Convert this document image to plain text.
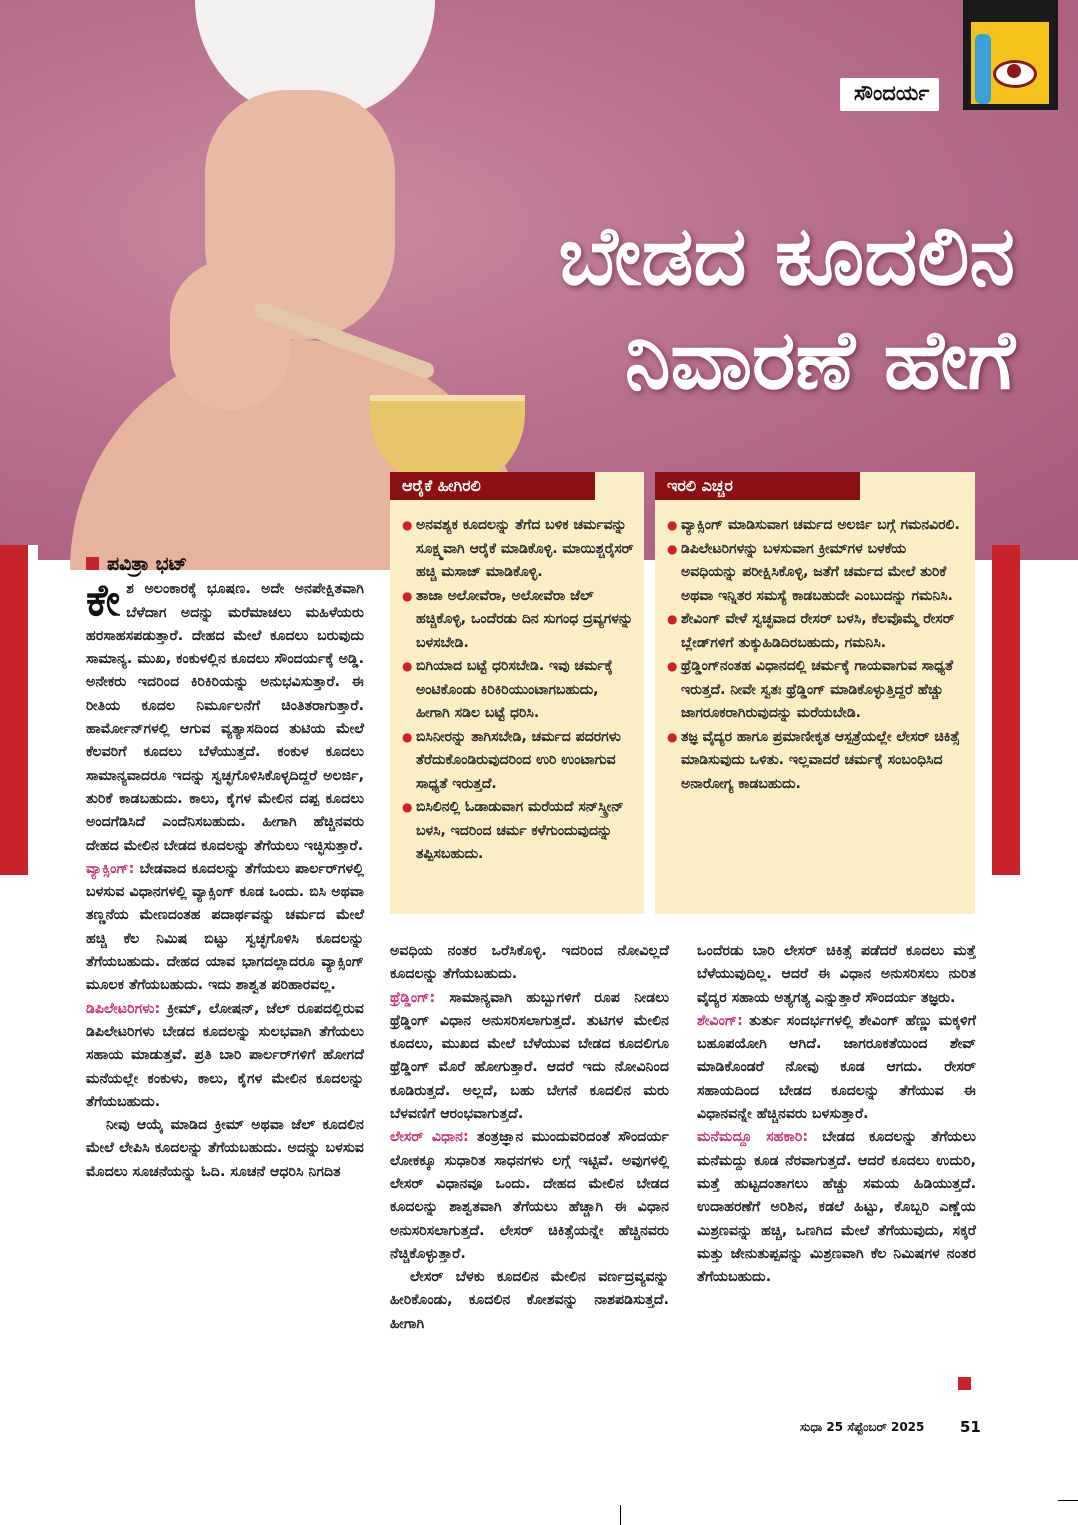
ಸೌಂದರ್ಯ
ಬೇಡದ ಕೂದಲಿನ
ನಿವಾರಣೆ ಹೇಗೆ
● ಅನವಶ್ಯಕ ಕೂದಲನ್ನು ತೆಗೆದ ಬಳಿಕ ಚರ್ಮವನ್ನು ಸೂಕ್ಷ್ಮವಾಗಿ ಆರೈಕೆ ಮಾಡಿಕೊಳ್ಳಿ. ಮಾಯಿಶ್ಚರೈಸರ್ ಹಚ್ಚಿ ಮಸಾಜ್ ಮಾಡಿಕೊಳ್ಳಿ.
● ತಾಜಾ ಅಲೋವೆರಾ, ಅಲೋವೆರಾ ಜೆಲ್ ಹಚ್ಚಿಕೊಳ್ಳಿ, ಒಂದೆರಡು ದಿನ ಸುಗಂಧ ದ್ರವ್ಯಗಳನ್ನು ಬಳಸಬೇಡಿ.
● ಬಿಗಿಯಾದ ಬಟ್ಟೆ ಧರಿಸಬೇಡಿ. ಇವು ಚರ್ಮಕ್ಕೆ ಅಂಟಿಕೊಂಡು ಕಿರಿಕಿರಿಯುಂಟಾಗಬಹುದು, ಹೀಗಾಗಿ ಸಡಿಲ ಬಟ್ಟೆ ಧರಿಸಿ.
● ಬಿಸಿನೀರನ್ನು ತಾಗಿಸಬೇಡಿ, ಚರ್ಮದ ಪದರಗಳು ತೆರೆದುಕೊಂಡಿರುವುದರಿಂದ ಉರಿ ಉಂಟಾಗುವ ಸಾಧ್ಯತೆ ಇರುತ್ತದೆ.
● ಬಿಸಿಲಿನಲ್ಲಿ ಓಡಾಡುವಾಗ ಮರೆಯದೆ ಸನ್‌ಸ್ಕ್ರೀನ್ ಬಳಸಿ, ಇದರಿಂದ ಚರ್ಮ ಕಳೆಗುಂದುವುದನ್ನು ತಪ್ಪಿಸಬಹುದು.
ಆರೈಕೆ ಹೀಗಿರಲಿ
● ವ್ಯಾಕ್ಸಿಂಗ್ ಮಾಡಿಸುವಾಗ ಚರ್ಮದ ಅಲರ್ಜಿ ಬಗ್ಗೆ ಗಮನವಿರಲಿ.
● ಡಿಪಿಲೇಟರಿಗಳನ್ನು ಬಳಸುವಾಗ ಕ್ರೀಮ್‌ಗಳ ಬಳಕೆಯ ಅವಧಿಯನ್ನು ಪರೀಕ್ಷಿಸಿಕೊಳ್ಳಿ, ಜತೆಗೆ ಚರ್ಮದ ಮೇಲೆ ತುರಿಕೆ ಅಥವಾ ಇನ್ನಿತರ ಸಮಸ್ಯೆ ಕಾಡಬಹುದೇ ಎಂಬುದನ್ನು ಗಮನಿಸಿ.
● ಶೇವಿಂಗ್ ವೇಳೆ ಸ್ವಚ್ಛವಾದ ರೇಸರ್ ಬಳಸಿ, ಕೆಲವೊಮ್ಮೆ ರೇಸರ್ ಬ್ಲೇಡ್‌ಗಳಿಗೆ ತುಕ್ಕುಹಿಡಿದಿರಬಹುದು, ಗಮನಿಸಿ.
● ಥ್ರೆಡ್ಡಿಂಗ್‌ನಂತಹ ವಿಧಾನದಲ್ಲಿ ಚರ್ಮಕ್ಕೆ ಗಾಯವಾಗುವ ಸಾಧ್ಯತೆ ಇರುತ್ತದೆ. ನೀವೇ ಸ್ವತಃ ಥ್ರೆಡ್ಡಿಂಗ್ ಮಾಡಿಕೊಳ್ಳುತ್ತಿದ್ದರೆ ಹೆಚ್ಚು ಜಾಗರೂಕರಾಗಿರುವುದನ್ನು ಮರೆಯಬೇಡಿ.
● ತಜ್ಞ ವೈದ್ಯರ ಹಾಗೂ ಪ್ರಮಾಣೀಕೃತ ಆಸ್ಪತ್ರೆಯಲ್ಲೇ ಲೇಸರ್ ಚಿಕಿತ್ಸೆ ಮಾಡಿಸುವುದು ಒಳಿತು. ಇಲ್ಲವಾದರೆ ಚರ್ಮಕ್ಕೆ ಸಂಬಂಧಿಸಿದ ಅನಾರೋಗ್ಯ ಕಾಡಬಹುದು.
ಇರಲಿ ಎಚ್ಚರ
ಪವಿತ್ರಾ ಭಟ್

ಕೇಶ ಅಲಂಕಾರಕ್ಕೆ ಭೂಷಣ. ಅದೇ ಅನಪೇಕ್ಷಿತವಾಗಿ ಬೆಳೆದಾಗ ಅದನ್ನು ಮರೆಮಾಚಲು ಮಹಿಳೆಯರು ಹರಸಾಹಸಪಡುತ್ತಾರೆ. ದೇಹದ ಮೇಲೆ ಕೂದಲು ಬರುವುದು ಸಾಮಾನ್ಯ. ಮುಖ, ಕಂಕುಳಲ್ಲಿನ ಕೂದಲು ಸೌಂದರ್ಯಕ್ಕೆ ಅಡ್ಡಿ. ಅನೇಕರು ಇದರಿಂದ ಕಿರಿಕಿರಿಯನ್ನು ಅನುಭವಿಸುತ್ತಾರೆ. ಈ ರೀತಿಯ ಕೂದಲ ನಿರ್ಮೂಲನೆಗೆ ಚಿಂತಿತರಾಗುತ್ತಾರೆ. ಹಾರ್ಮೋನ್‌ಗಳಲ್ಲಿ ಆಗುವ ವ್ಯತ್ಯಾಸದಿಂದ ತುಟಿಯ ಮೇಲೆ ಕೆಲವರಿಗೆ ಕೂದಲು ಬೆಳೆಯುತ್ತದೆ. ಕಂಕುಳ ಕೂದಲು ಸಾಮಾನ್ಯವಾದರೂ ಇದನ್ನು ಸ್ವಚ್ಛಗೊಳಿಸಿಕೊಳ್ಳದಿದ್ದರೆ ಅಲರ್ಜಿ, ತುರಿಕೆ ಕಾಡಬಹುದು. ಕಾಲು, ಕೈಗಳ ಮೇಲಿನ ದಪ್ಪ ಕೂದಲು ಅಂದಗೆಡಿಸಿದೆ ಎಂದೆನಿಸಬಹುದು. ಹೀಗಾಗಿ ಹೆಚ್ಚಿನವರು ದೇಹದ ಮೇಲಿನ ಬೇಡದ ಕೂದಲನ್ನು ತೆಗೆಯಲು ಇಚ್ಛಿಸುತ್ತಾರೆ.

ವ್ಯಾಕ್ಸಿಂಗ್: ಬೇಡವಾದ ಕೂದಲನ್ನು ತೆಗೆಯಲು ಪಾರ್ಲರ್‌ಗಳಲ್ಲಿ ಬಳಸುವ ವಿಧಾನಗಳಲ್ಲಿ ವ್ಯಾಕ್ಸಿಂಗ್ ಕೂಡ ಒಂದು. ಬಿಸಿ ಅಥವಾ ತಣ್ಣನೆಯ ಮೇಣದಂತಹ ಪದಾರ್ಥವನ್ನು ಚರ್ಮದ ಮೇಲೆ ಹಚ್ಚಿ ಕೆಲ ನಿಮಿಷ ಬಿಟ್ಟು ಸ್ವಚ್ಛಗೊಳಿಸಿ ಕೂದಲನ್ನು ತೆಗೆಯಬಹುದು. ದೇಹದ ಯಾವ ಭಾಗದಲ್ಲಾದರೂ ವ್ಯಾಕ್ಸಿಂಗ್ ಮೂಲಕ ತೆಗೆಯಬಹುದು. ಇದು ಶಾಶ್ವತ ಪರಿಹಾರವಲ್ಲ.

ಡಿಪಿಲೇಟರಿಗಳು: ಕ್ರೀಮ್, ಲೋಷನ್, ಜೆಲ್ ರೂಪದಲ್ಲಿರುವ ಡಿಪಿಲೇಟರಿಗಳು ಬೇಡದ ಕೂದಲನ್ನು ಸುಲಭವಾಗಿ ತೆಗೆಯಲು ಸಹಾಯ ಮಾಡುತ್ತವೆ. ಪ್ರತಿ ಬಾರಿ ಪಾರ್ಲರ್‌ಗಳಿಗೆ ಹೋಗದೆ ಮನೆಯಲ್ಲೇ ಕಂಕುಳು, ಕಾಲು, ಕೈಗಳ ಮೇಲಿನ ಕೂದಲನ್ನು ತೆಗೆಯಬಹುದು.

ನೀವು ಆಯ್ಕೆ ಮಾಡಿದ ಕ್ರೀಮ್ ಅಥವಾ ಜೆಲ್ ಕೂದಲಿನ ಮೇಲೆ ಲೇಪಿಸಿ ಕೂದಲನ್ನು ತೆಗೆಯಬಹುದು. ಅದನ್ನು ಬಳಸುವ ಮೊದಲು ಸೂಚನೆಯನ್ನು ಓದಿ. ಸೂಚನೆ ಆಧರಿಸಿ ನಿಗದಿತ

ಅವಧಿಯ ನಂತರ ಒರೆಸಿಕೊಳ್ಳಿ. ಇದರಿಂದ ನೋವಿಲ್ಲದೆ ಕೂದಲನ್ನು ತೆಗೆಯಬಹುದು.

ಥ್ರೆಡ್ಡಿಂಗ್: ಸಾಮಾನ್ಯವಾಗಿ ಹುಬ್ಬುಗಳಿಗೆ ರೂಪ ನೀಡಲು ಥ್ರೆಡ್ಡಿಂಗ್ ವಿಧಾನ ಅನುಸರಿಸಲಾಗುತ್ತದೆ. ತುಟಿಗಳ ಮೇಲಿನ ಕೂದಲು, ಮುಖದ ಮೇಲೆ ಬೆಳೆಯುವ ಬೇಡದ ಕೂದಲಿಗೂ ಥ್ರೆಡ್ಡಿಂಗ್ ಮೊರೆ ಹೋಗುತ್ತಾರೆ. ಆದರೆ ಇದು ನೋವಿನಿಂದ ಕೂಡಿರುತ್ತದೆ. ಅಲ್ಲದೆ, ಬಹು ಬೇಗನೆ ಕೂದಲಿನ ಮರು ಬೆಳವಣಿಗೆ ಆರಂಭವಾಗುತ್ತದೆ.

ಲೇಸರ್ ವಿಧಾನ: ತಂತ್ರಜ್ಞಾನ ಮುಂದುವರಿದಂತೆ ಸೌಂದರ್ಯ ಲೋಕಕ್ಕೂ ಸುಧಾರಿತ ಸಾಧನಗಳು ಲಗ್ಗೆ ಇಟ್ಟಿವೆ. ಅವುಗಳಲ್ಲಿ ಲೇಸರ್ ವಿಧಾನವೂ ಒಂದು. ದೇಹದ ಮೇಲಿನ ಬೇಡದ ಕೂದಲನ್ನು ಶಾಶ್ವತವಾಗಿ ತೆಗೆಯಲು ಹೆಚ್ಚಾಗಿ ಈ ವಿಧಾನ ಅನುಸರಿಸಲಾಗುತ್ತದೆ. ಲೇಸರ್ ಚಿಕಿತ್ಸೆಯನ್ನೇ ಹೆಚ್ಚಿನವರು ನೆಚ್ಚಿಕೊಳ್ಳುತ್ತಾರೆ.

ಲೇಸರ್ ಬೆಳಕು ಕೂದಲಿನ ಮೇಲಿನ ವರ್ಣದ್ರವ್ಯವನ್ನು ಹೀರಿಕೊಂಡು, ಕೂದಲಿನ ಕೋಶವನ್ನು ನಾಶಪಡಿಸುತ್ತದೆ. ಹೀಗಾಗಿ

ಒಂದೆರಡು ಬಾರಿ ಲೇಸರ್ ಚಿಕಿತ್ಸೆ ಪಡೆದರೆ ಕೂದಲು ಮತ್ತೆ ಬೆಳೆಯುವುದಿಲ್ಲ. ಆದರೆ ಈ ವಿಧಾನ ಅನುಸರಿಸಲು ನುರಿತ ವೈದ್ಯರ ಸಹಾಯ ಅತ್ಯಗತ್ಯ ಎನ್ನುತ್ತಾರೆ ಸೌಂದರ್ಯ ತಜ್ಞರು.

ಶೇವಿಂಗ್: ತುರ್ತು ಸಂದರ್ಭಗಳಲ್ಲಿ ಶೇವಿಂಗ್ ಹೆಣ್ಣು ಮಕ್ಕಳಿಗೆ ಬಹೂಪಯೋಗಿ ಆಗಿದೆ. ಜಾಗರೂಕತೆಯಿಂದ ಶೇವ್ ಮಾಡಿಕೊಂಡರೆ ನೋವು ಕೂಡ ಆಗದು. ರೇಸರ್ ಸಹಾಯದಿಂದ ಬೇಡದ ಕೂದಲನ್ನು ತೆಗೆಯುವ ಈ ವಿಧಾನವನ್ನೇ ಹೆಚ್ಚಿನವರು ಬಳಸುತ್ತಾರೆ.

ಮನೆಮದ್ದೂ ಸಹಕಾರಿ: ಬೇಡದ ಕೂದಲನ್ನು ತೆಗೆಯಲು ಮನೆಮದ್ದು ಕೂಡ ನೆರವಾಗುತ್ತದೆ. ಆದರೆ ಕೂದಲು ಉದುರಿ, ಮತ್ತೆ ಹುಟ್ಟದಂತಾಗಲು ಹೆಚ್ಚು ಸಮಯ ಹಿಡಿಯುತ್ತದೆ. ಉದಾಹರಣೆಗೆ ಅರಿಶಿನ, ಕಡಲೆ ಹಿಟ್ಟು, ಕೊಬ್ಬರಿ ಎಣ್ಣೆಯ ಮಿಶ್ರಣವನ್ನು ಹಚ್ಚಿ, ಒಣಗಿದ ಮೇಲೆ ತೆಗೆಯುವುದು, ಸಕ್ಕರೆ ಮತ್ತು ಜೇನುತುಪ್ಪವನ್ನು ಮಿಶ್ರಣವಾಗಿ ಕೆಲ ನಿಮಿಷಗಳ ನಂತರ ತೆಗೆಯಬಹುದು.

ಸುಧಾ 25 ಸೆಪ್ಟೆಂಬರ್ 2025 51
